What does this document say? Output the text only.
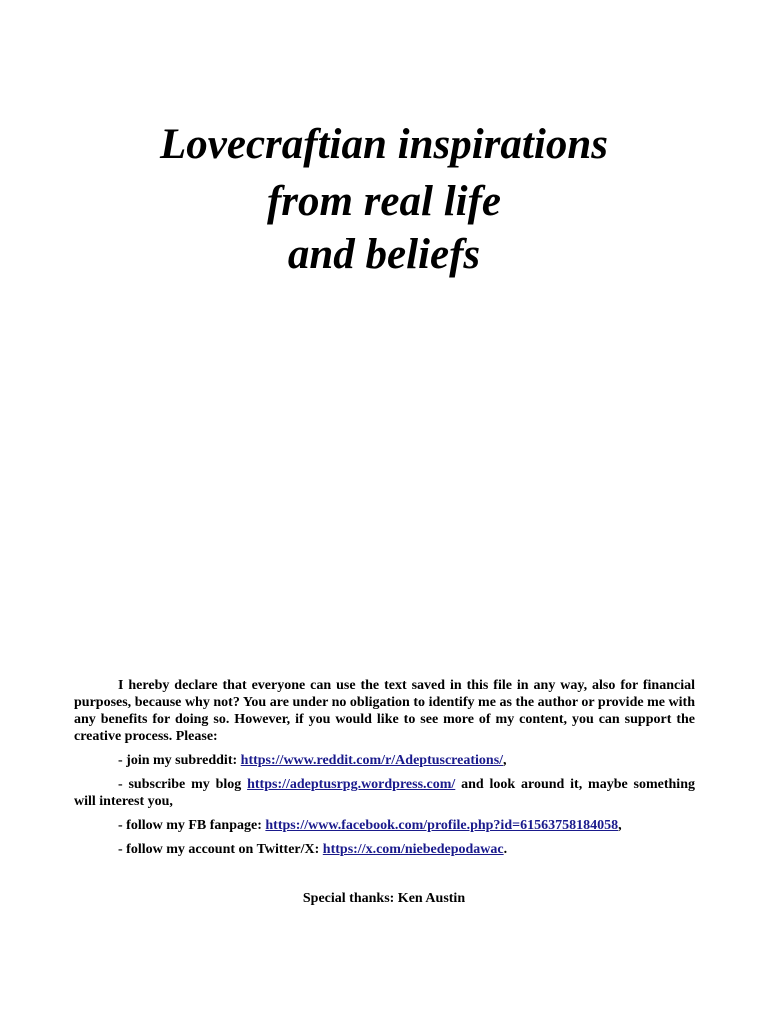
Lovecraftian inspirations
from real life
and beliefs

I hereby declare that everyone can use the text saved in this file in any way, also for financial purposes, because why not? You are under no obligation to identify me as the author or provide me with any benefits for doing so. However, if you would like to see more of my content, you can support the creative process. Please:

- join my subreddit: https://www.reddit.com/r/Adeptuscreations/,

- subscribe my blog https://adeptusrpg.wordpress.com/ and look around it, maybe something will interest you,

- follow my FB fanpage: https://www.facebook.com/profile.php?id=61563758184058,

- follow my account on Twitter/X: https://x.com/niebedepodawac.

Special thanks: Ken Austin
